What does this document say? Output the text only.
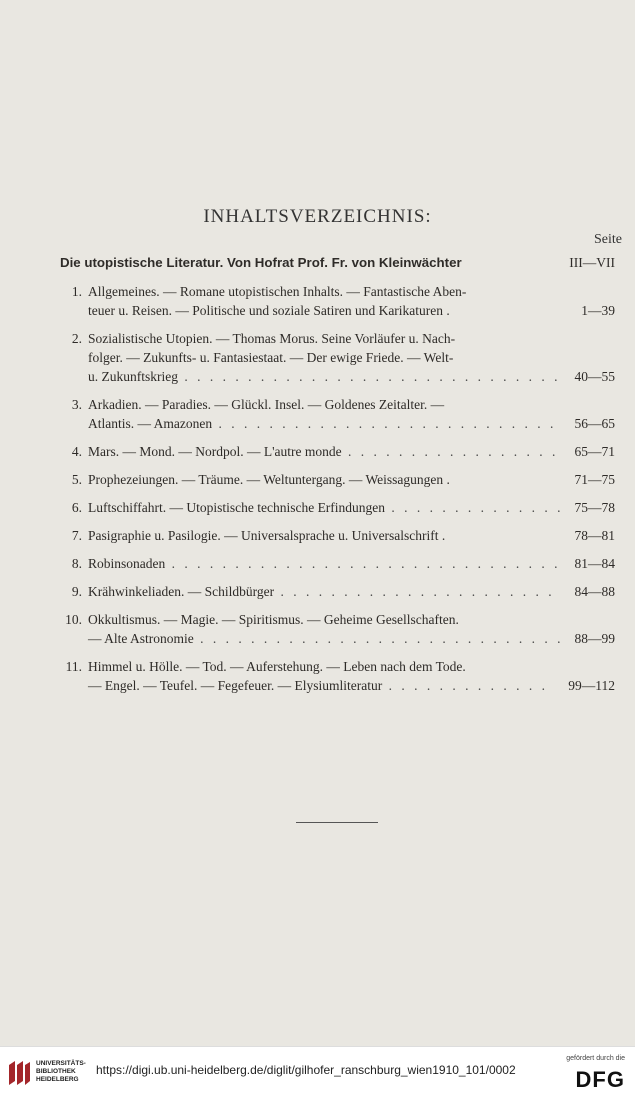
INHALTSVERZEICHNIS:
Seite
Die utopistische Literatur. Von Hofrat Prof. Fr. von Kleinwächter	III—VII
1. Allgemeines. — Romane utopistischen Inhalts. — Fantastische Aben-
teuer u. Reisen. — Politische und soziale Satiren und Karikaturen .	1—39
2. Sozialistische Utopien. — Thomas Morus. Seine Vorläufer u. Nach-
folger. — Zukunfts- u. Fantasiestaat. — Der ewige Friede. — Welt-
u. Zukunftskrieg . . . . . . . . . . . . . . . . . . . . . . . . . . . . . . 40—55
3. Arkadien. — Paradies. — Glückl. Insel. — Goldenes Zeitalter. —
Atlantis. — Amazonen . . . . . . . . . . . . . . . . . . . . . . . . . . . 56—65
4. Mars. — Mond. — Nordpol. — L'autre monde . . . . . . . . . . . . . . . . . 65—71
5. Prophezeiungen. — Träume. — Weltuntergang. — Weissagungen .	71—75
6. Luftschiffahrt. — Utopistische technische Erfindungen . . . . . . . . . . . . . . 75—78
7. Pasigraphie u. Pasilogie. — Universalsprache u. Universalschrift .	78—81
8. Robinsonaden . . . . . . . . . . . . . . . . . . . . . . . . . . . . . . . 81—84
9. Krähwinkeliaden. — Schildbürger . . . . . . . . . . . . . . . . . . . . . . 84—88
10. Okkultismus. — Magie. — Spiritismus. — Geheime Gesellschaften.
— Alte Astronomie . . . . . . . . . . . . . . . . . . . . . . . . . . . . . 88—99
11. Himmel u. Hölle. — Tod. — Auferstehung. — Leben nach dem Tode.
— Engel. — Teufel. — Fegefeuer. — Elysiumliteratur . . . . . . . . . . . . . 99—112
UNIVERSITÄTS-
BIBLIOTHEK
HEIDELBERG
https://digi.ub.uni-heidelberg.de/diglit/gilhofer_ranschburg_wien1910_101/0002
gefördert durch die
DFG
